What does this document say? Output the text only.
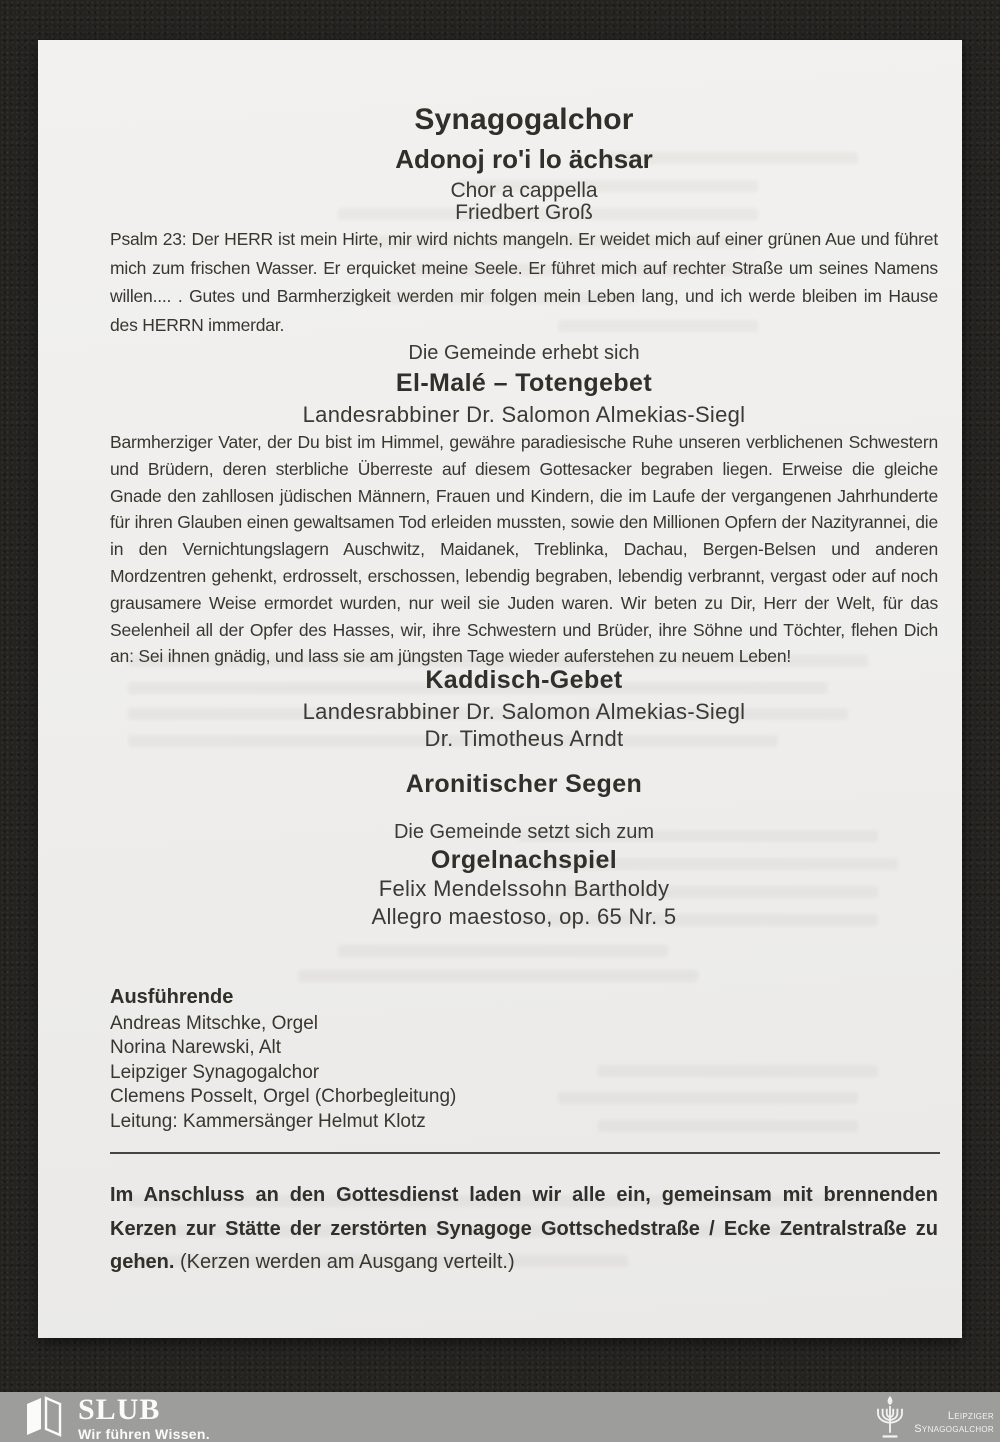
Synagogalchor
Adonoj ro'i lo ächsar
Chor a cappella
Friedbert Groß
Psalm 23: Der HERR ist mein Hirte, mir wird nichts mangeln. Er weidet mich auf einer grünen Aue und führet mich zum frischen Wasser. Er erquicket meine Seele. Er führet mich auf rechter Straße um seines Namens willen.... . Gutes und Barmherzigkeit werden mir folgen mein Leben lang, und ich werde bleiben im Hause des HERRN immerdar.
Die Gemeinde erhebt sich
El-Malé – Totengebet
Landesrabbiner Dr. Salomon Almekias-Siegl
Barmherziger Vater, der Du bist im Himmel, gewähre paradiesische Ruhe unseren verblichenen Schwestern und Brüdern, deren sterbliche Überreste auf diesem Gottesacker begraben liegen. Erweise die gleiche Gnade den zahllosen jüdischen Männern, Frauen und Kindern, die im Laufe der vergangenen Jahrhunderte für ihren Glauben einen gewaltsamen Tod erleiden mussten, sowie den Millionen Opfern der Nazityrannei, die in den Vernichtungslagern Auschwitz, Maidanek, Treblinka, Dachau, Bergen-Belsen und anderen Mordzentren gehenkt, erdrosselt, erschossen, lebendig begraben, lebendig verbrannt, vergast oder auf noch grausamere Weise ermordet wurden, nur weil sie Juden waren. Wir beten zu Dir, Herr der Welt, für das Seelenheil all der Opfer des Hasses, wir, ihre Schwestern und Brüder, ihre Söhne und Töchter, flehen Dich an: Sei ihnen gnädig, und lass sie am jüngsten Tage wieder auferstehen zu neuem Leben!
Kaddisch-Gebet
Landesrabbiner Dr. Salomon Almekias-Siegl
Dr. Timotheus Arndt
Aronitischer Segen
Die Gemeinde setzt sich zum
Orgelnachspiel
Felix Mendelssohn Bartholdy
Allegro maestoso, op. 65 Nr. 5
Ausführende
Andreas Mitschke, Orgel
Norina Narewski, Alt
Leipziger Synagogalchor
Clemens Posselt, Orgel (Chorbegleitung)
Leitung: Kammersänger Helmut Klotz
Im Anschluss an den Gottesdienst laden wir alle ein, gemeinsam mit brennenden Kerzen zur Stätte der zerstörten Synagoge Gottschedstraße / Ecke Zentralstraße zu gehen. (Kerzen werden am Ausgang verteilt.)
SLUB
Wir führen Wissen.
Leipziger
Synagogalchor
